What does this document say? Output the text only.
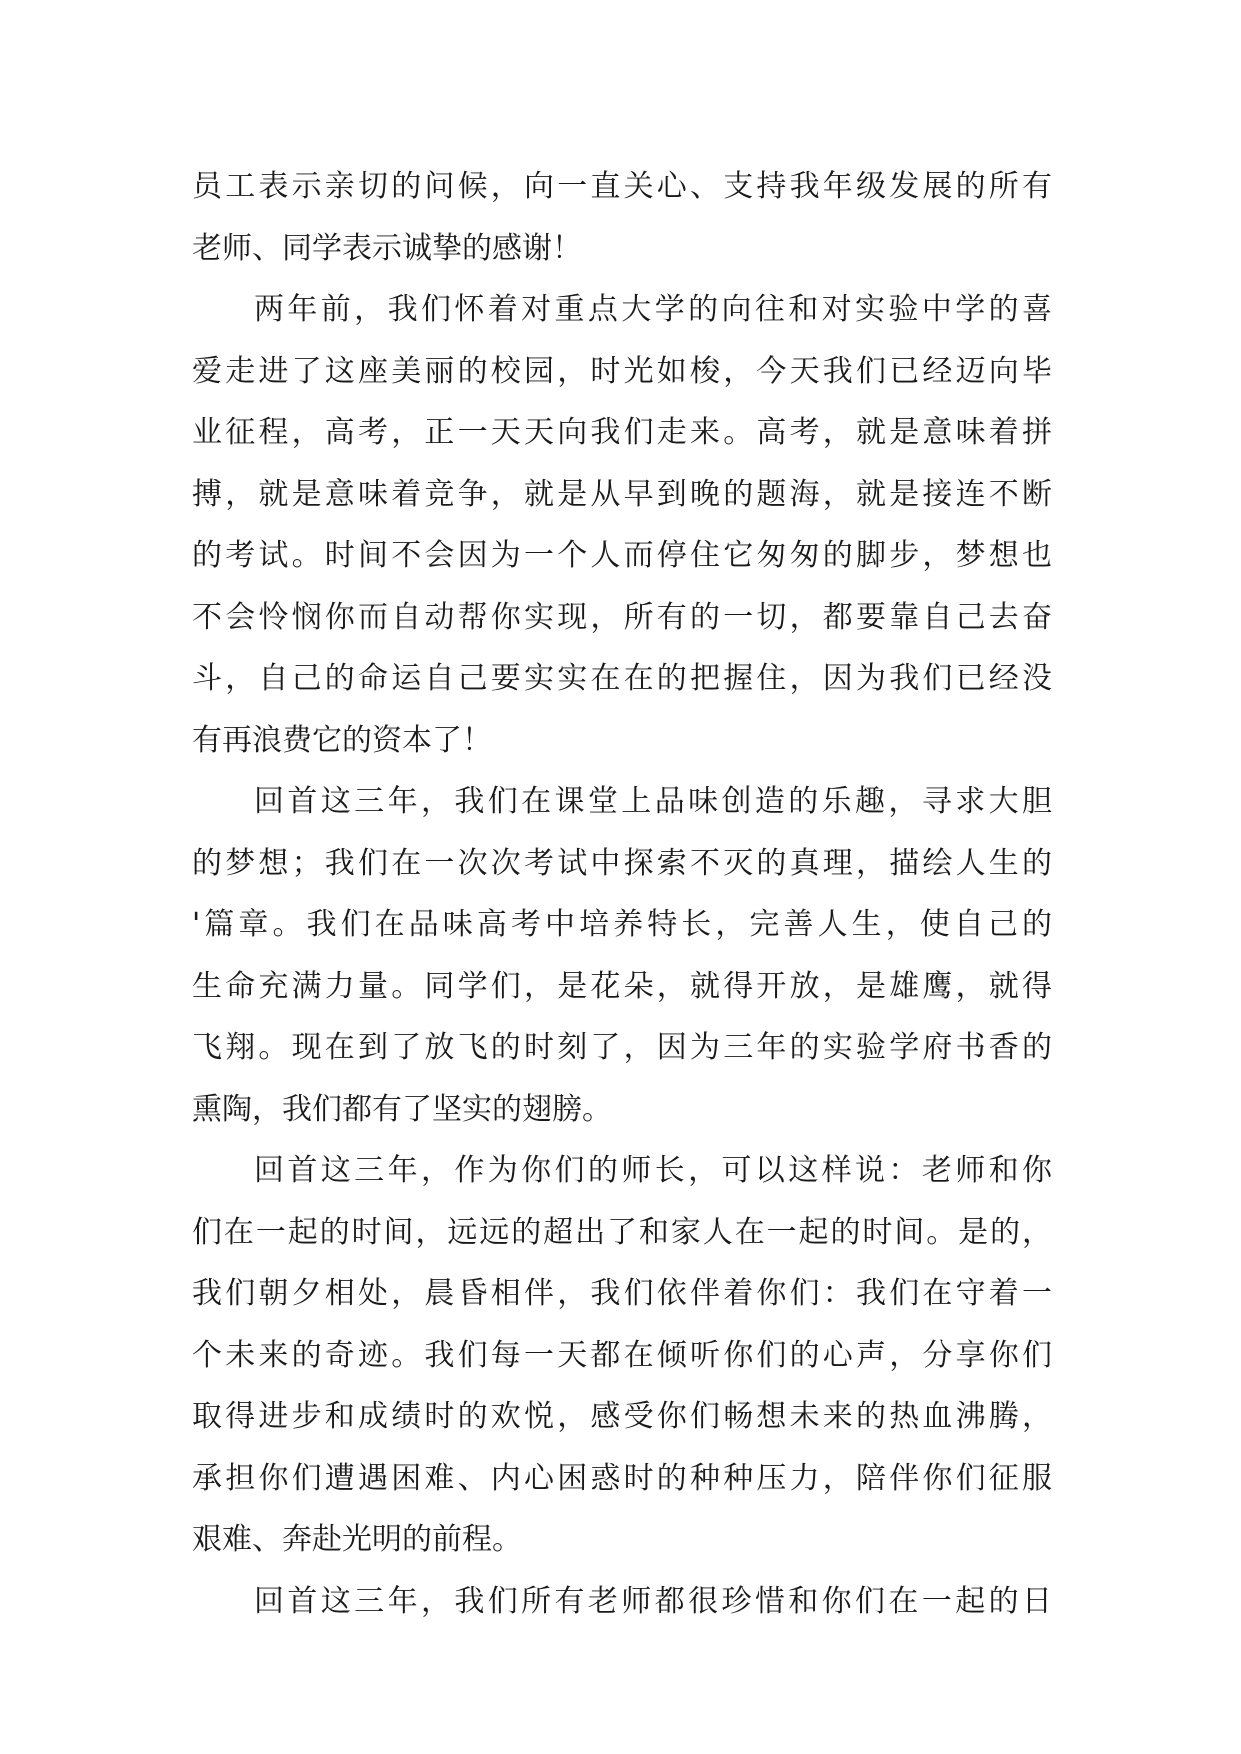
员工表示亲切的问候，向一直关心、支持我年级发展的所有
老师、同学表示诚挚的感谢！
两年前，我们怀着对重点大学的向往和对实验中学的喜
爱走进了这座美丽的校园，时光如梭，今天我们已经迈向毕
业征程，高考，正一天天向我们走来。高考，就是意味着拼
搏，就是意味着竞争，就是从早到晚的题海，就是接连不断
的考试。时间不会因为一个人而停住它匆匆的脚步，梦想也
不会怜悯你而自动帮你实现，所有的一切，都要靠自己去奋
斗，自己的命运自己要实实在在的把握住，因为我们已经没
有再浪费它的资本了！
回首这三年，我们在课堂上品味创造的乐趣，寻求大胆
的梦想；我们在一次次考试中探索不灭的真理，描绘人生的
'篇章。我们在品味高考中培养特长，完善人生，使自己的
生命充满力量。同学们，是花朵，就得开放，是雄鹰，就得
飞翔。现在到了放飞的时刻了，因为三年的实验学府书香的
熏陶，我们都有了坚实的翅膀。
回首这三年，作为你们的师长，可以这样说：老师和你
们在一起的时间，远远的超出了和家人在一起的时间。是的，
我们朝夕相处，晨昏相伴，我们依伴着你们：我们在守着一
个未来的奇迹。我们每一天都在倾听你们的心声，分享你们
取得进步和成绩时的欢悦，感受你们畅想未来的热血沸腾，
承担你们遭遇困难、内心困惑时的种种压力，陪伴你们征服
艰难、奔赴光明的前程。
回首这三年，我们所有老师都很珍惜和你们在一起的日
